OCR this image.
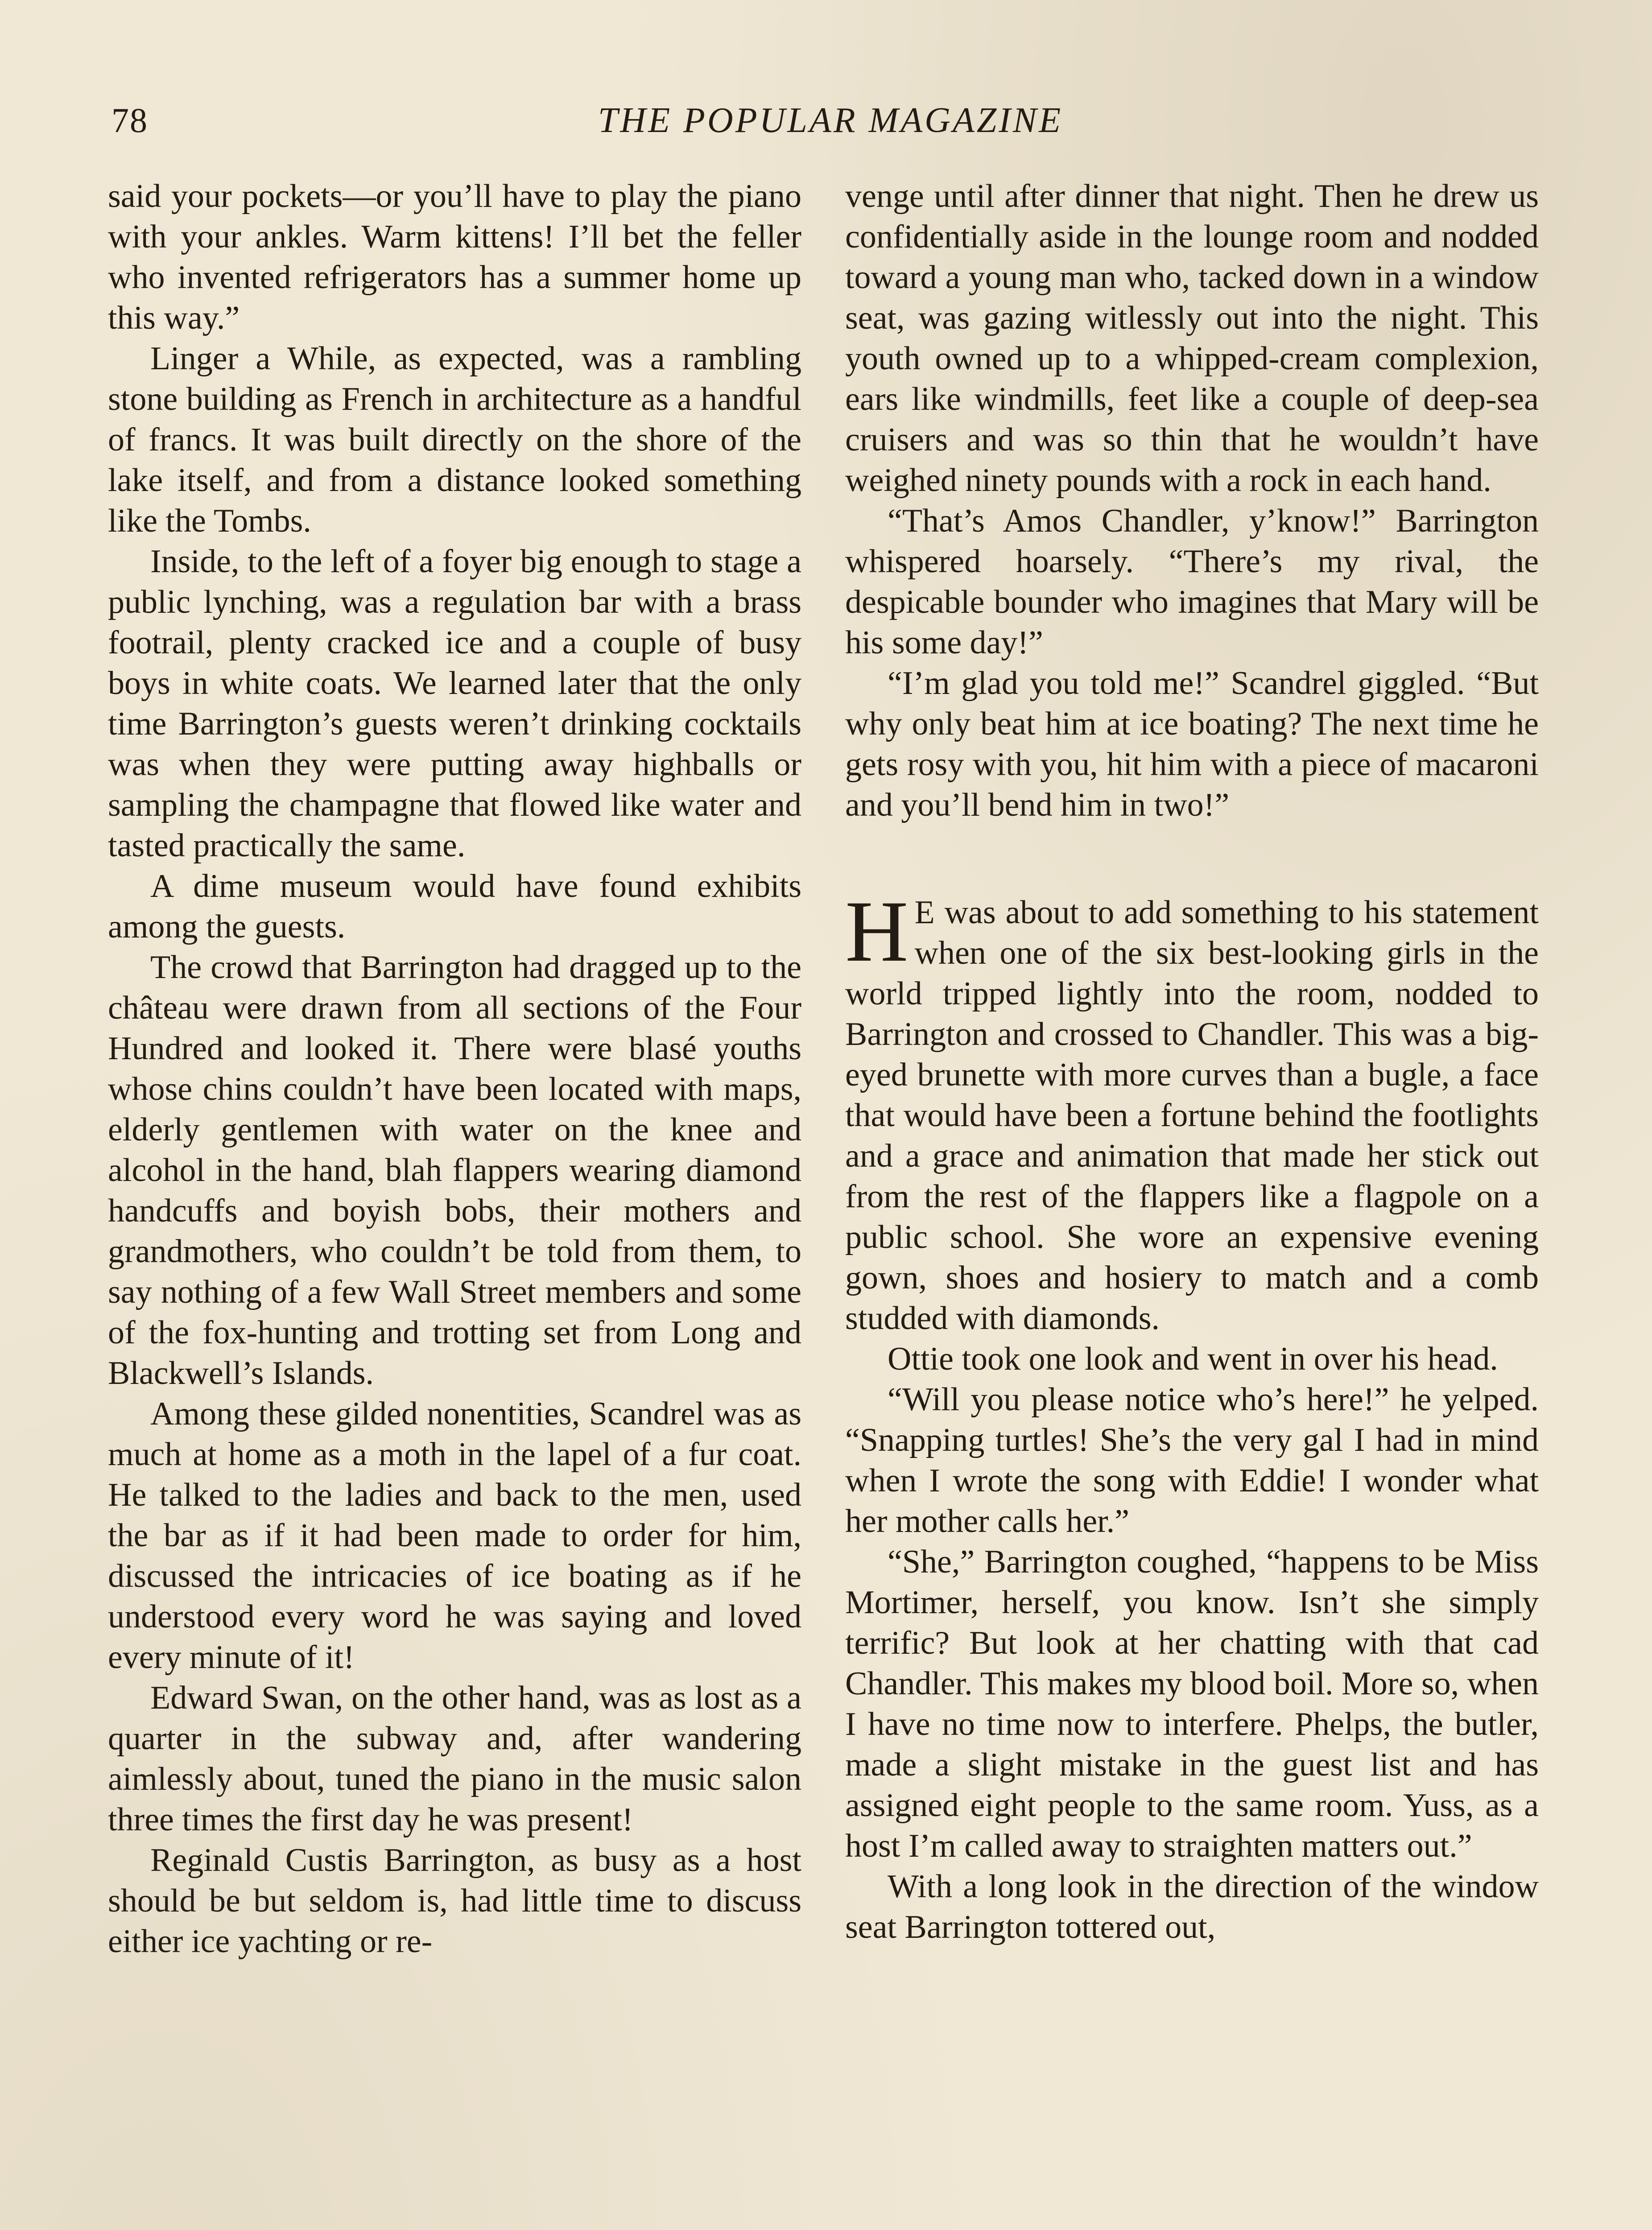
78	THE POPULAR MAGAZINE

said your pockets—or you’ll have to play the piano with your ankles. Warm kittens! I’ll bet the feller who invented refrigerators has a summer home up this way.”

Linger a While, as expected, was a rambling stone building as French in architecture as a handful of francs. It was built directly on the shore of the lake itself, and from a distance looked something like the Tombs.

Inside, to the left of a foyer big enough to stage a public lynching, was a regulation bar with a brass footrail, plenty cracked ice and a couple of busy boys in white coats. We learned later that the only time Barrington’s guests weren’t drinking cocktails was when they were putting away highballs or sampling the champagne that flowed like water and tasted practically the same.

A dime museum would have found exhibits among the guests.

The crowd that Barrington had dragged up to the château were drawn from all sections of the Four Hundred and looked it. There were blasé youths whose chins couldn’t have been located with maps, elderly gentlemen with water on the knee and alcohol in the hand, blah flappers wearing diamond handcuffs and boyish bobs, their mothers and grandmothers, who couldn’t be told from them, to say nothing of a few Wall Street members and some of the fox-hunting and trotting set from Long and Blackwell’s Islands.

Among these gilded nonentities, Scandrel was as much at home as a moth in the lapel of a fur coat. He talked to the ladies and back to the men, used the bar as if it had been made to order for him, discussed the intricacies of ice boating as if he understood every word he was saying and loved every minute of it!

Edward Swan, on the other hand, was as lost as a quarter in the subway and, after wandering aimlessly about, tuned the piano in the music salon three times the first day he was present!

Reginald Custis Barrington, as busy as a host should be but seldom is, had little time to discuss either ice yachting or re-

venge until after dinner that night. Then he drew us confidentially aside in the lounge room and nodded toward a young man who, tacked down in a window seat, was gazing witlessly out into the night. This youth owned up to a whipped-cream complexion, ears like windmills, feet like a couple of deep-sea cruisers and was so thin that he wouldn’t have weighed ninety pounds with a rock in each hand.

“That’s Amos Chandler, y’know!” Barrington whispered hoarsely. “There’s my rival, the despicable bounder who imagines that Mary will be his some day!”

“I’m glad you told me!” Scandrel giggled. “But why only beat him at ice boating? The next time he gets rosy with you, hit him with a piece of macaroni and you’ll bend him in two!”

H E was about to add something to his statement when one of the six best-looking girls in the world tripped lightly into the room, nodded to Barrington and crossed to Chandler. This was a big-eyed brunette with more curves than a bugle, a face that would have been a fortune behind the footlights and a grace and animation that made her stick out from the rest of the flappers like a flagpole on a public school. She wore an expensive evening gown, shoes and hosiery to match and a comb studded with diamonds.

Ottie took one look and went in over his head.

“Will you please notice who’s here!” he yelped. “Snapping turtles! She’s the very gal I had in mind when I wrote the song with Eddie! I wonder what her mother calls her.”

“She,” Barrington coughed, “happens to be Miss Mortimer, herself, you know. Isn’t she simply terrific? But look at her chatting with that cad Chandler. This makes my blood boil. More so, when I have no time now to interfere. Phelps, the butler, made a slight mistake in the guest list and has assigned eight people to the same room. Yuss, as a host I’m called away to straighten matters out.”

With a long look in the direction of the window seat Barrington tottered out,
